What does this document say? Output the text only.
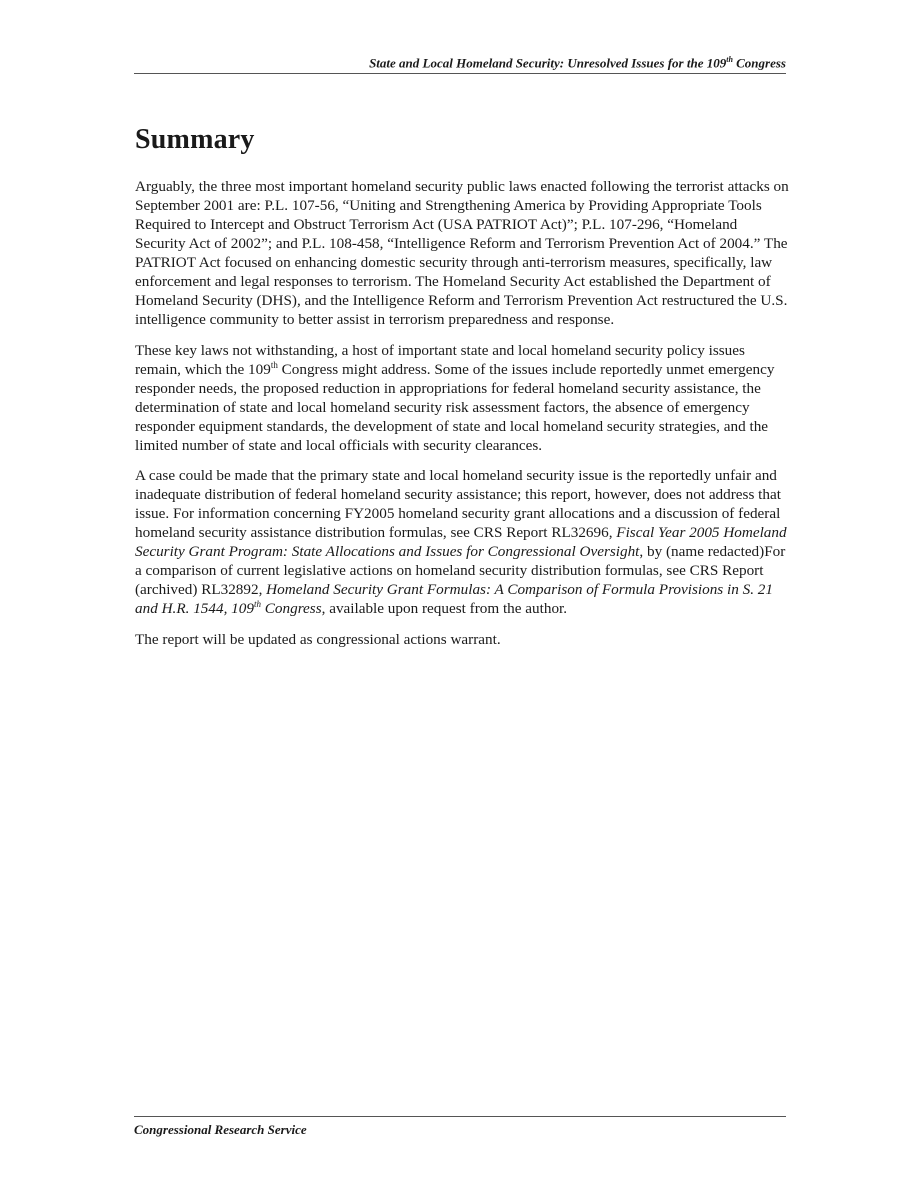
State and Local Homeland Security: Unresolved Issues for the 109th Congress
Summary

Arguably, the three most important homeland security public laws enacted following the terrorist attacks on September 2001 are: P.L. 107-56, “Uniting and Strengthening America by Providing Appropriate Tools Required to Intercept and Obstruct Terrorism Act (USA PATRIOT Act)”; P.L. 107-296, “Homeland Security Act of 2002”; and P.L. 108-458, “Intelligence Reform and Terrorism Prevention Act of 2004.” The PATRIOT Act focused on enhancing domestic security through anti-terrorism measures, specifically, law enforcement and legal responses to terrorism. The Homeland Security Act established the Department of Homeland Security (DHS), and the Intelligence Reform and Terrorism Prevention Act restructured the U.S. intelligence community to better assist in terrorism preparedness and response.

These key laws not withstanding, a host of important state and local homeland security policy issues remain, which the 109th Congress might address. Some of the issues include reportedly unmet emergency responder needs, the proposed reduction in appropriations for federal homeland security assistance, the determination of state and local homeland security risk assessment factors, the absence of emergency responder equipment standards, the development of state and local homeland security strategies, and the limited number of state and local officials with security clearances.

A case could be made that the primary state and local homeland security issue is the reportedly unfair and inadequate distribution of federal homeland security assistance; this report, however, does not address that issue. For information concerning FY2005 homeland security grant allocations and a discussion of federal homeland security assistance distribution formulas, see CRS Report RL32696, Fiscal Year 2005 Homeland Security Grant Program: State Allocations and Issues for Congressional Oversight, by (name redacted)For a comparison of current legislative actions on homeland security distribution formulas, see CRS Report (archived) RL32892, Homeland Security Grant Formulas: A Comparison of Formula Provisions in S. 21 and H.R. 1544, 109th Congress, available upon request from the author.

The report will be updated as congressional actions warrant.

Congressional Research Service
